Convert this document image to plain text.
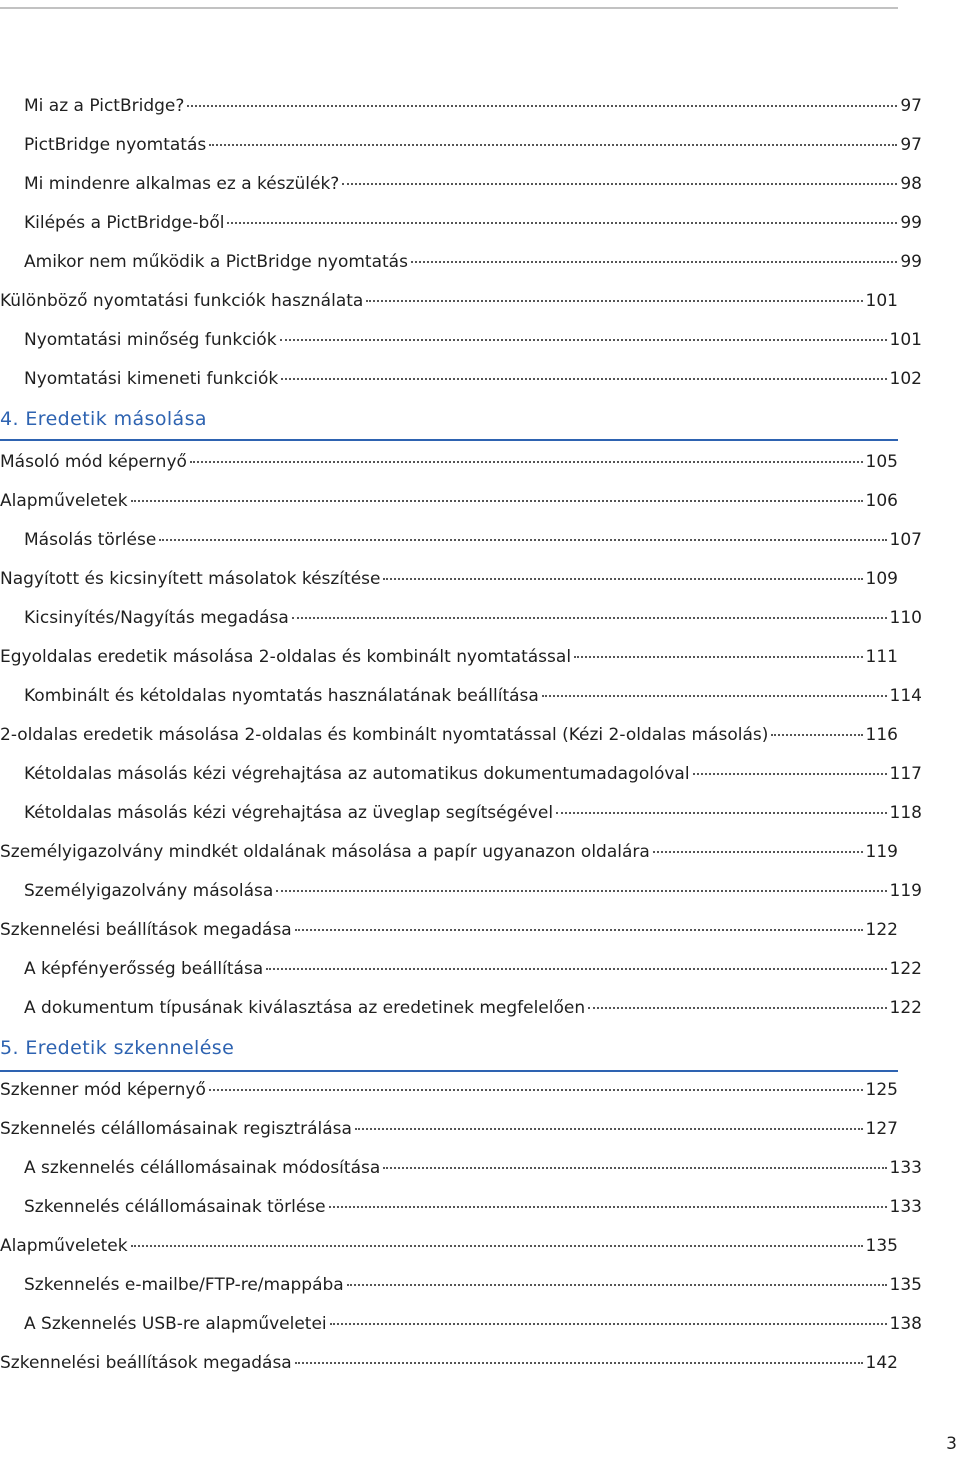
Mi az a PictBridge?	97
PictBridge nyomtatás	97
Mi mindenre alkalmas ez a készülék?	98
Kilépés a PictBridge-ből	99
Amikor nem működik a PictBridge nyomtatás	99
Különböző nyomtatási funkciók használata	101
Nyomtatási minőség funkciók	101
Nyomtatási kimeneti funkciók	102
4. Eredetik másolása
Másoló mód képernyő	105
Alapműveletek	106
Másolás törlése	107
Nagyított és kicsinyített másolatok készítése	109
Kicsinyítés/Nagyítás megadása	110
Egyoldalas eredetik másolása 2-oldalas és kombinált nyomtatással	111
Kombinált és kétoldalas nyomtatás használatának beállítása	114
2-oldalas eredetik másolása 2-oldalas és kombinált nyomtatással (Kézi 2-oldalas másolás)	116
Kétoldalas másolás kézi végrehajtása az automatikus dokumentumadagolóval	117
Kétoldalas másolás kézi végrehajtása az üveglap segítségével	118
Személyigazolvány mindkét oldalának másolása a papír ugyanazon oldalára	119
Személyigazolvány másolása	119
Szkennelési beállítások megadása	122
A képfényerősség beállítása	122
A dokumentum típusának kiválasztása az eredetinek megfelelően	122
5. Eredetik szkennelése
Szkenner mód képernyő	125
Szkennelés célállomásainak regisztrálása	127
A szkennelés célállomásainak módosítása	133
Szkennelés célállomásainak törlése	133
Alapműveletek	135
Szkennelés e-mailbe/FTP-re/mappába	135
A Szkennelés USB-re alapműveletei	138
Szkennelési beállítások megadása	142
3
